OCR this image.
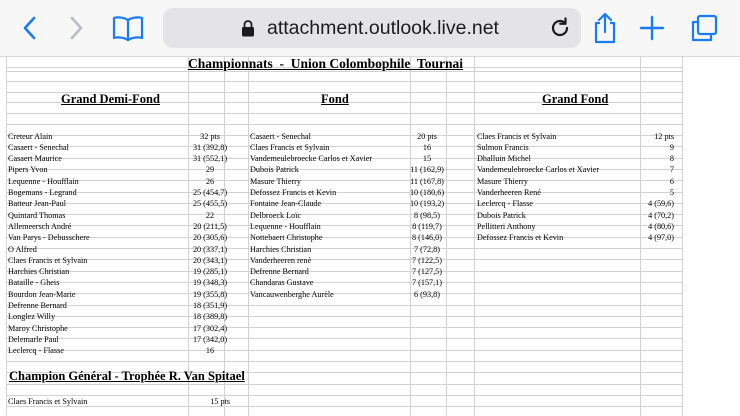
attachment.outlook.live.net
Championnats  -  Union Colombophile  Tournai
Grand Demi-Fond	Fond	Grand Fond
Creteur Alain	32 pts
Casaert - Senechal	31 (392,8)
Casaert Maurice	31 (552,1)
Pipers Yvon	29
Lequenne - Houfflain	26
Bogemans - Legrand	25 (454,7)
Batteur Jean-Paul	25 (455,5)
Quintard Thomas	22
Allemeersch André	20 (211,5)
Van Parys - Debusschere	20 (305,6)
O Alfred	20 (337,1)
Claes Francis et Sylvain	20 (343,1)
Harchies Christian	19 (285,1)
Bataille - Gheis	19 (348,3)
Bourdon Jean-Marie	19 (355,8)
Defrenne Bernard	18 (351,9)
Longlez Willy	18 (389,8)
Maroy Christophe	17 (302,4)
Delemarle Paul	17 (342,0)
Leclercq - Flasse	16
Casaert - Senechal	20 pts
Claes Francis et Sylvain	16
Vandemeulebroecke Carlos et Xavier	15
Dubois Patrick	11 (162,9)
Masure Thierry	11 (167,8)
Defossez Francis et Kevin	10 (180,6)
Fontaine Jean-Claude	10 (193,2)
Delbroeck Loïc	8 (98,5)
Lequenne - Houfflain	8 (119,7)
Nottebaert Christophe	8 (146,0)
Harchies Christian	7 (72,8)
Vanderheeren rené	7 (122,5)
Defrenne Bernard	7 (127,5)
Chandaras Gustave	7 (157,1)
Vancauwenberghe Aurèle	6 (93,8)
Claes Francis et Sylvain	12 pts
Sulmon Francis	9
Dhalluin Michel	8
Vandemeulebroecke Carlos et Xavier	7
Masure Thierry	6
Vanderheeren René	5
Leclercq - Flasse	4 (59,6)
Dubois Patrick	4 (70,2)
Pellitteri Anthony	4 (80,6)
Defossez Francis et Kevin	4 (97,0)
Champion Général - Trophée R. Van Spitael
Claes Francis et Sylvain	15 pts
